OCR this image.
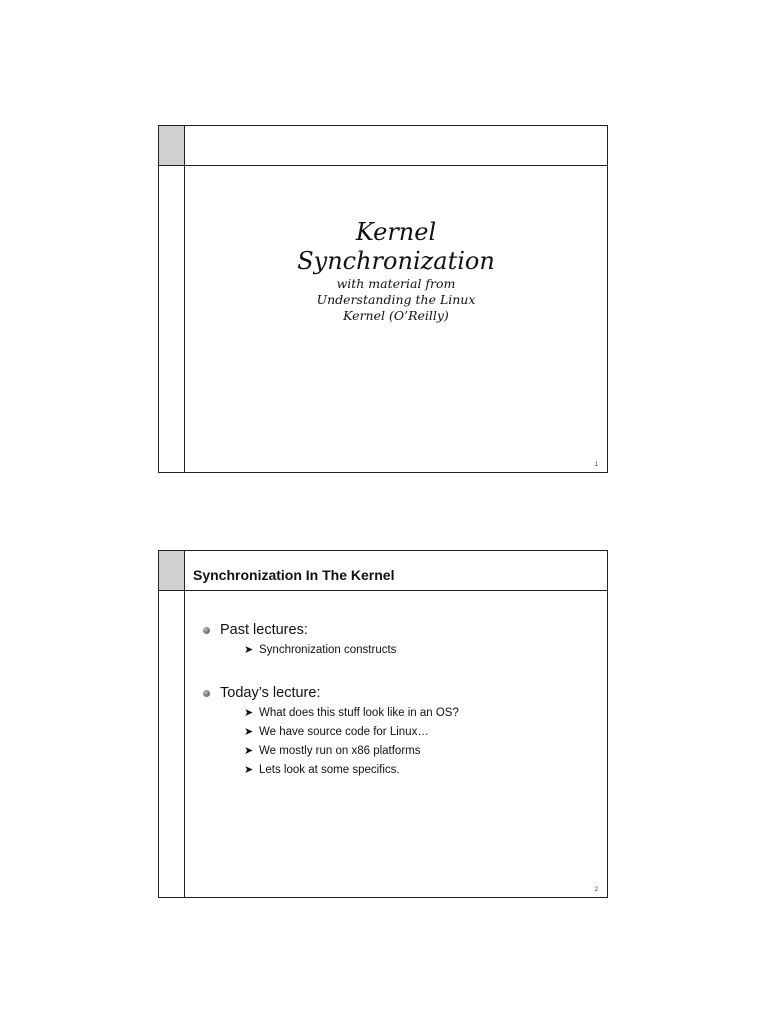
Kernel
Synchronization
with material from
Understanding the Linux
Kernel (O’Reilly)
1
Synchronization In The Kernel
Past lectures:
➤ Synchronization constructs
Today’s lecture:
➤ What does this stuff look like in an OS?
➤ We have source code for Linux…
➤ We mostly run on x86 platforms
➤ Lets look at some specifics.
2
